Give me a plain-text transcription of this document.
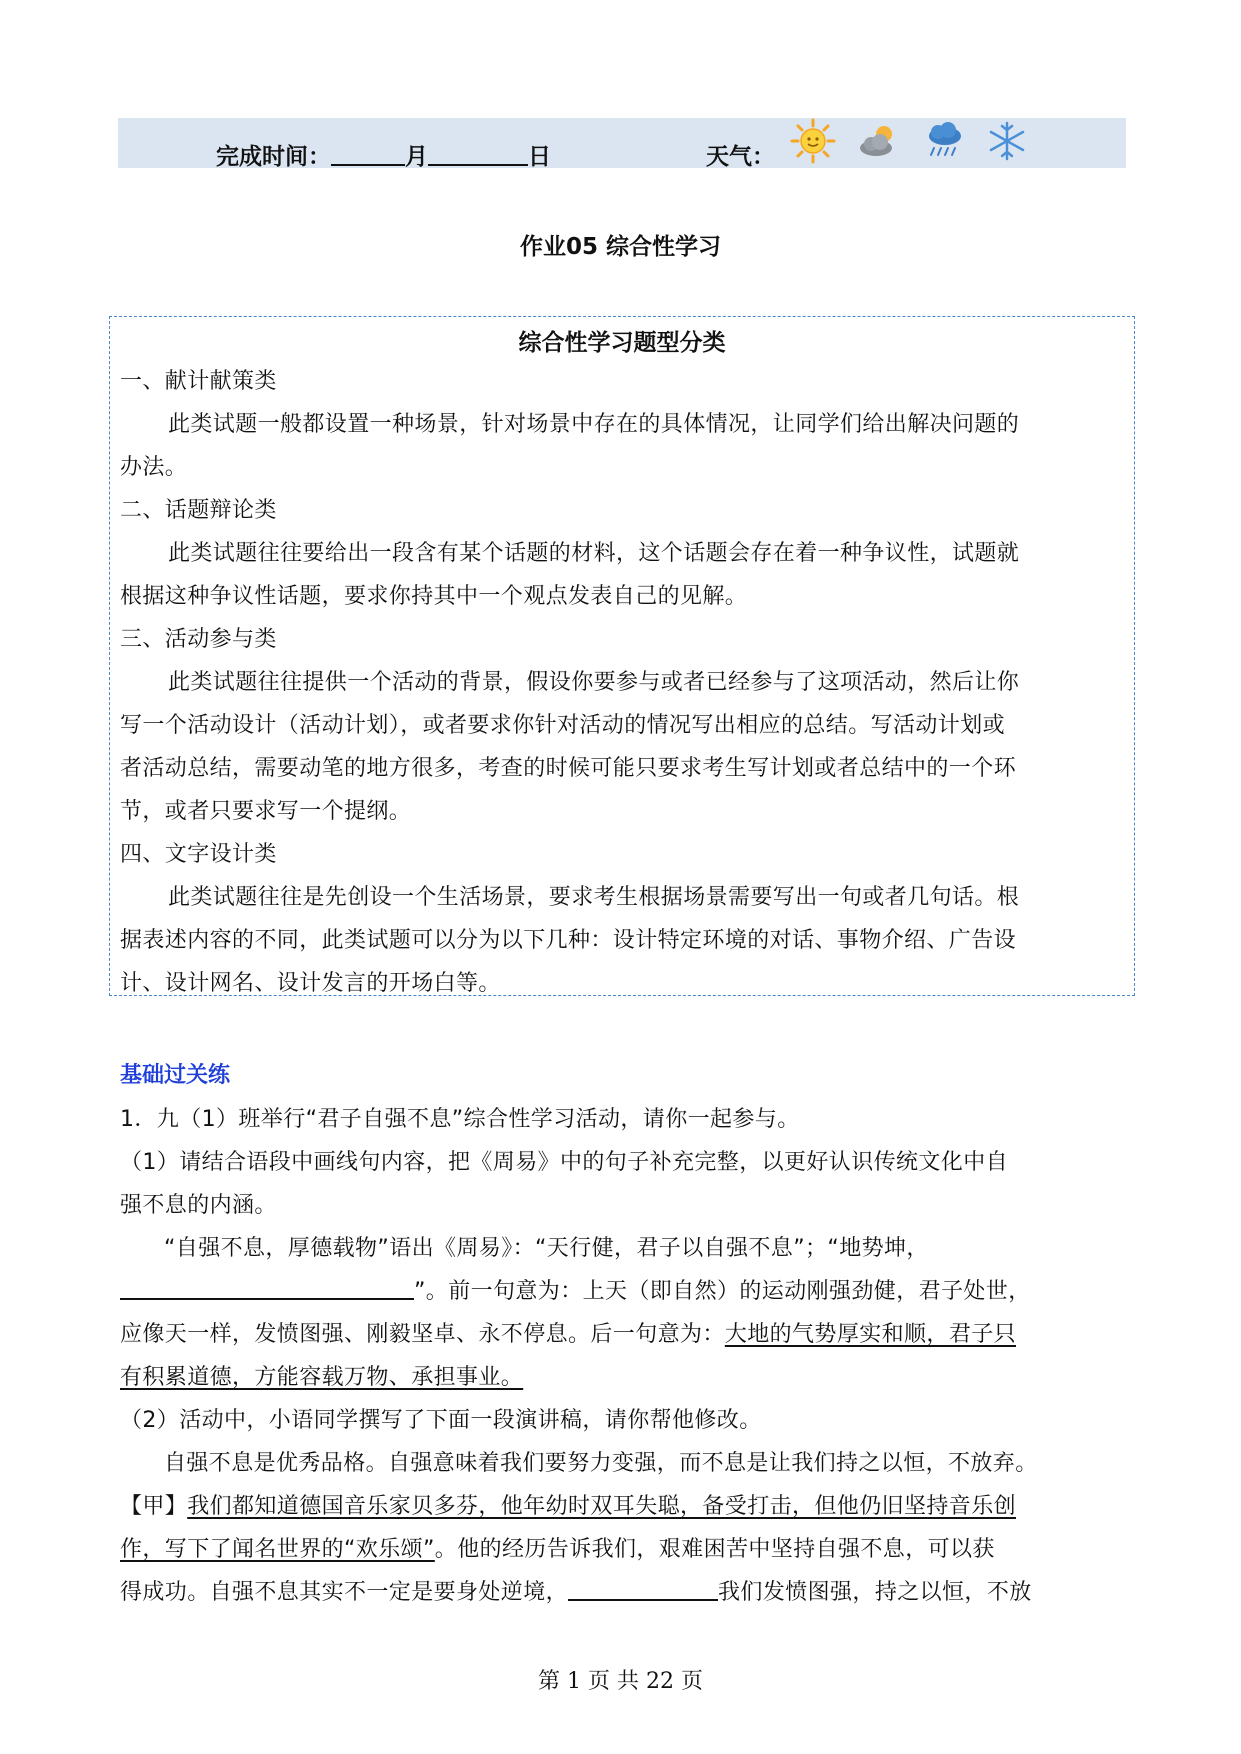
完成时间：	月	日	天气：
作业05 综合性学习
综合性学习题型分类
一、献计献策类
此类试题一般都设置一种场景，针对场景中存在的具体情况，让同学们给出解决问题的
办法。
二、话题辩论类
此类试题往往要给出一段含有某个话题的材料，这个话题会存在着一种争议性，试题就
根据这种争议性话题，要求你持其中一个观点发表自己的见解。
三、活动参与类
此类试题往往提供一个活动的背景，假设你要参与或者已经参与了这项活动，然后让你
写一个活动设计（活动计划），或者要求你针对活动的情况写出相应的总结。写活动计划或
者活动总结，需要动笔的地方很多，考查的时候可能只要求考生写计划或者总结中的一个环
节，或者只要求写一个提纲。
四、文字设计类
此类试题往往是先创设一个生活场景，要求考生根据场景需要写出一句或者几句话。根
据表述内容的不同，此类试题可以分为以下几种：设计特定环境的对话、事物介绍、广告设
计、设计网名、设计发言的开场白等。
基础过关练
1．九（1）班举行“君子自强不息”综合性学习活动，请你一起参与。
（1）请结合语段中画线句内容，把《周易》中的句子补充完整，以更好认识传统文化中自
强不息的内涵。
“自强不息，厚德载物”语出《周易》：“天行健，君子以自强不息”；“地势坤，
”。前一句意为：上天（即自然）的运动刚强劲健，君子处世，
应像天一样，发愤图强、刚毅坚卓、永不停息。后一句意为：大地的气势厚实和顺，君子只
有积累道德，方能容载万物、承担事业。
（2）活动中，小语同学撰写了下面一段演讲稿，请你帮他修改。
自强不息是优秀品格。自强意味着我们要努力变强，而不息是让我们持之以恒，不放弃。
【甲】我们都知道德国音乐家贝多芬，他年幼时双耳失聪，备受打击，但他仍旧坚持音乐创
作，写下了闻名世界的“欢乐颂”。他的经历告诉我们，艰难困苦中坚持自强不息，可以获
得成功。自强不息其实不一定是要身处逆境，	我们发愤图强，持之以恒，不放
第 1 页 共 22 页
